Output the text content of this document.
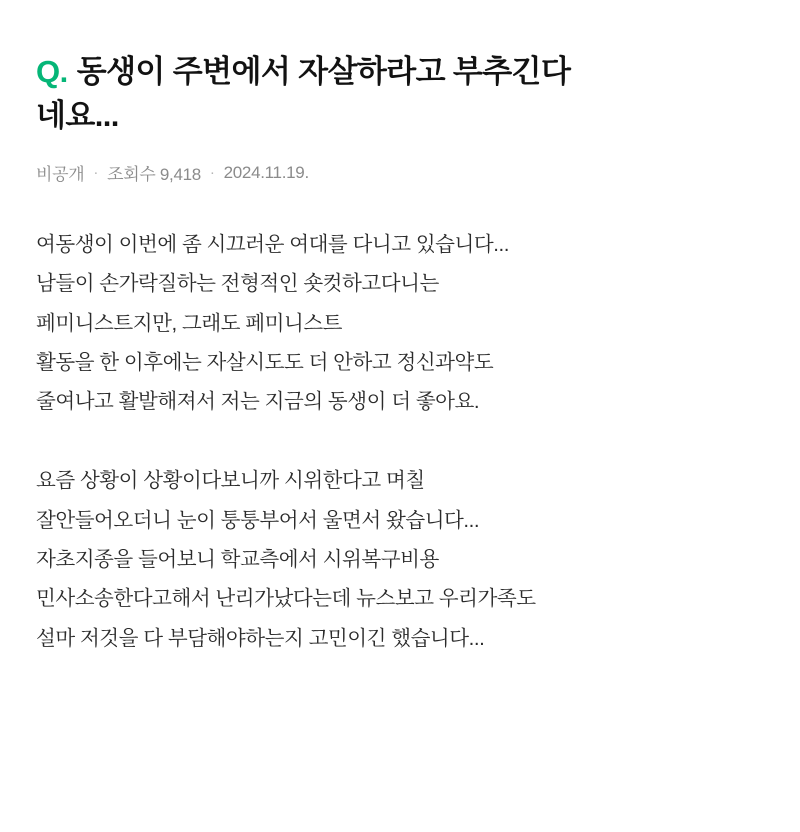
Q. 동생이 주변에서 자살하라고 부추긴다
네요...
비공개 · 조회수 9,418 · 2024.11.19.

여동생이 이번에 좀 시끄러운 여대를 다니고 있습니다...
남들이 손가락질하는 전형적인 숏컷하고다니는
페미니스트지만, 그래도 페미니스트
활동을 한 이후에는 자살시도도 더 안하고 정신과약도
줄여나고 활발해져서 저는 지금의 동생이 더 좋아요.

요즘 상황이 상황이다보니까 시위한다고 며칠
잘안들어오더니 눈이 퉁퉁부어서 울면서 왔습니다...
자초지종을 들어보니 학교측에서 시위복구비용
민사소송한다고해서 난리가났다는데 뉴스보고 우리가족도
설마 저것을 다 부담해야하는지 고민이긴 했습니다...
